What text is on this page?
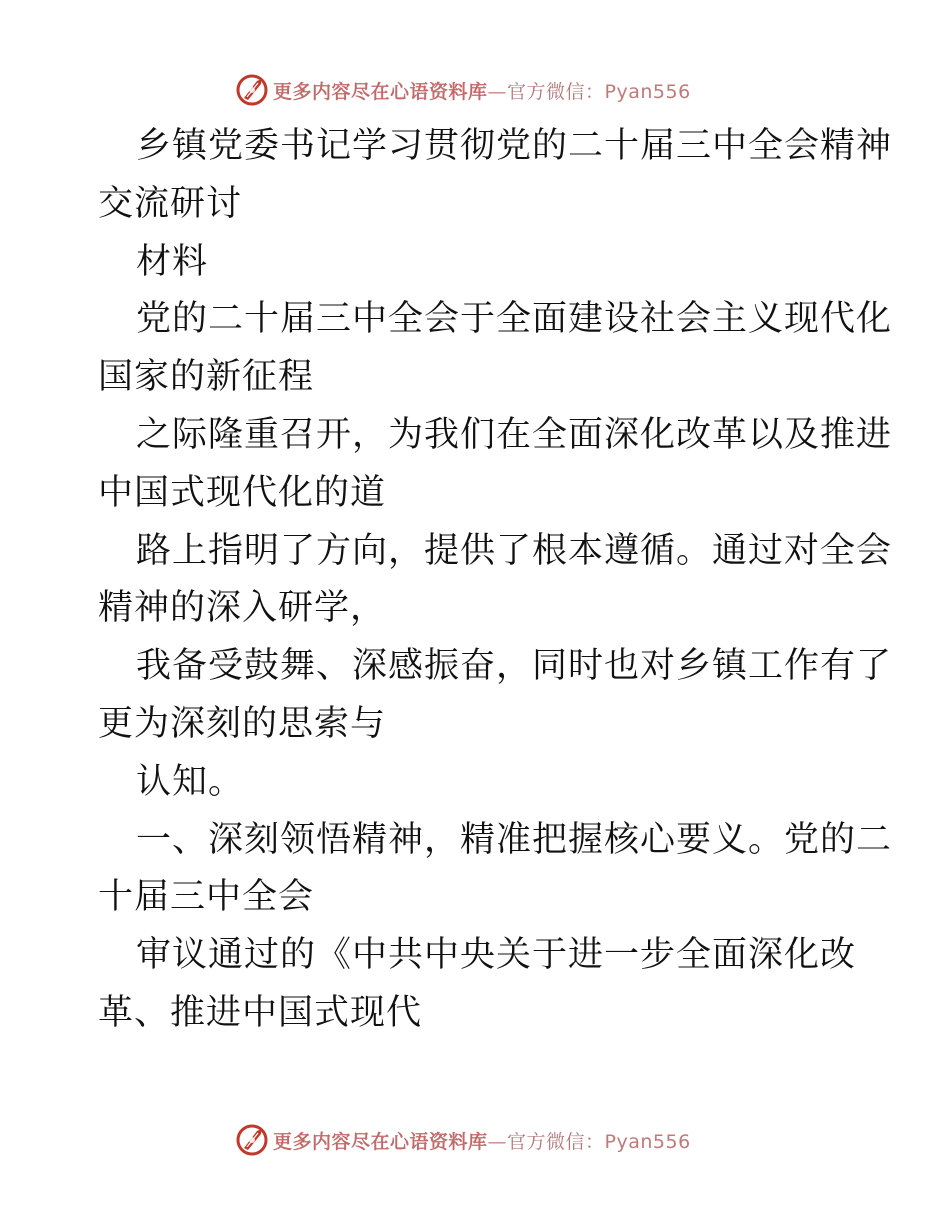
更多内容尽在心语资料库—官方微信：Pyan556
乡镇党委书记学习贯彻党的二十届三中全会精神
交流研讨
材料
党的二十届三中全会于全面建设社会主义现代化
国家的新征程
之际隆重召开，为我们在全面深化改革以及推进
中国式现代化的道
路上指明了方向，提供了根本遵循。通过对全会
精神的深入研学，
我备受鼓舞、深感振奋，同时也对乡镇工作有了
更为深刻的思索与
认知。
一、深刻领悟精神，精准把握核心要义。党的二
十届三中全会
审议通过的《中共中央关于进一步全面深化改
革、推进中国式现代
更多内容尽在心语资料库—官方微信：Pyan556
